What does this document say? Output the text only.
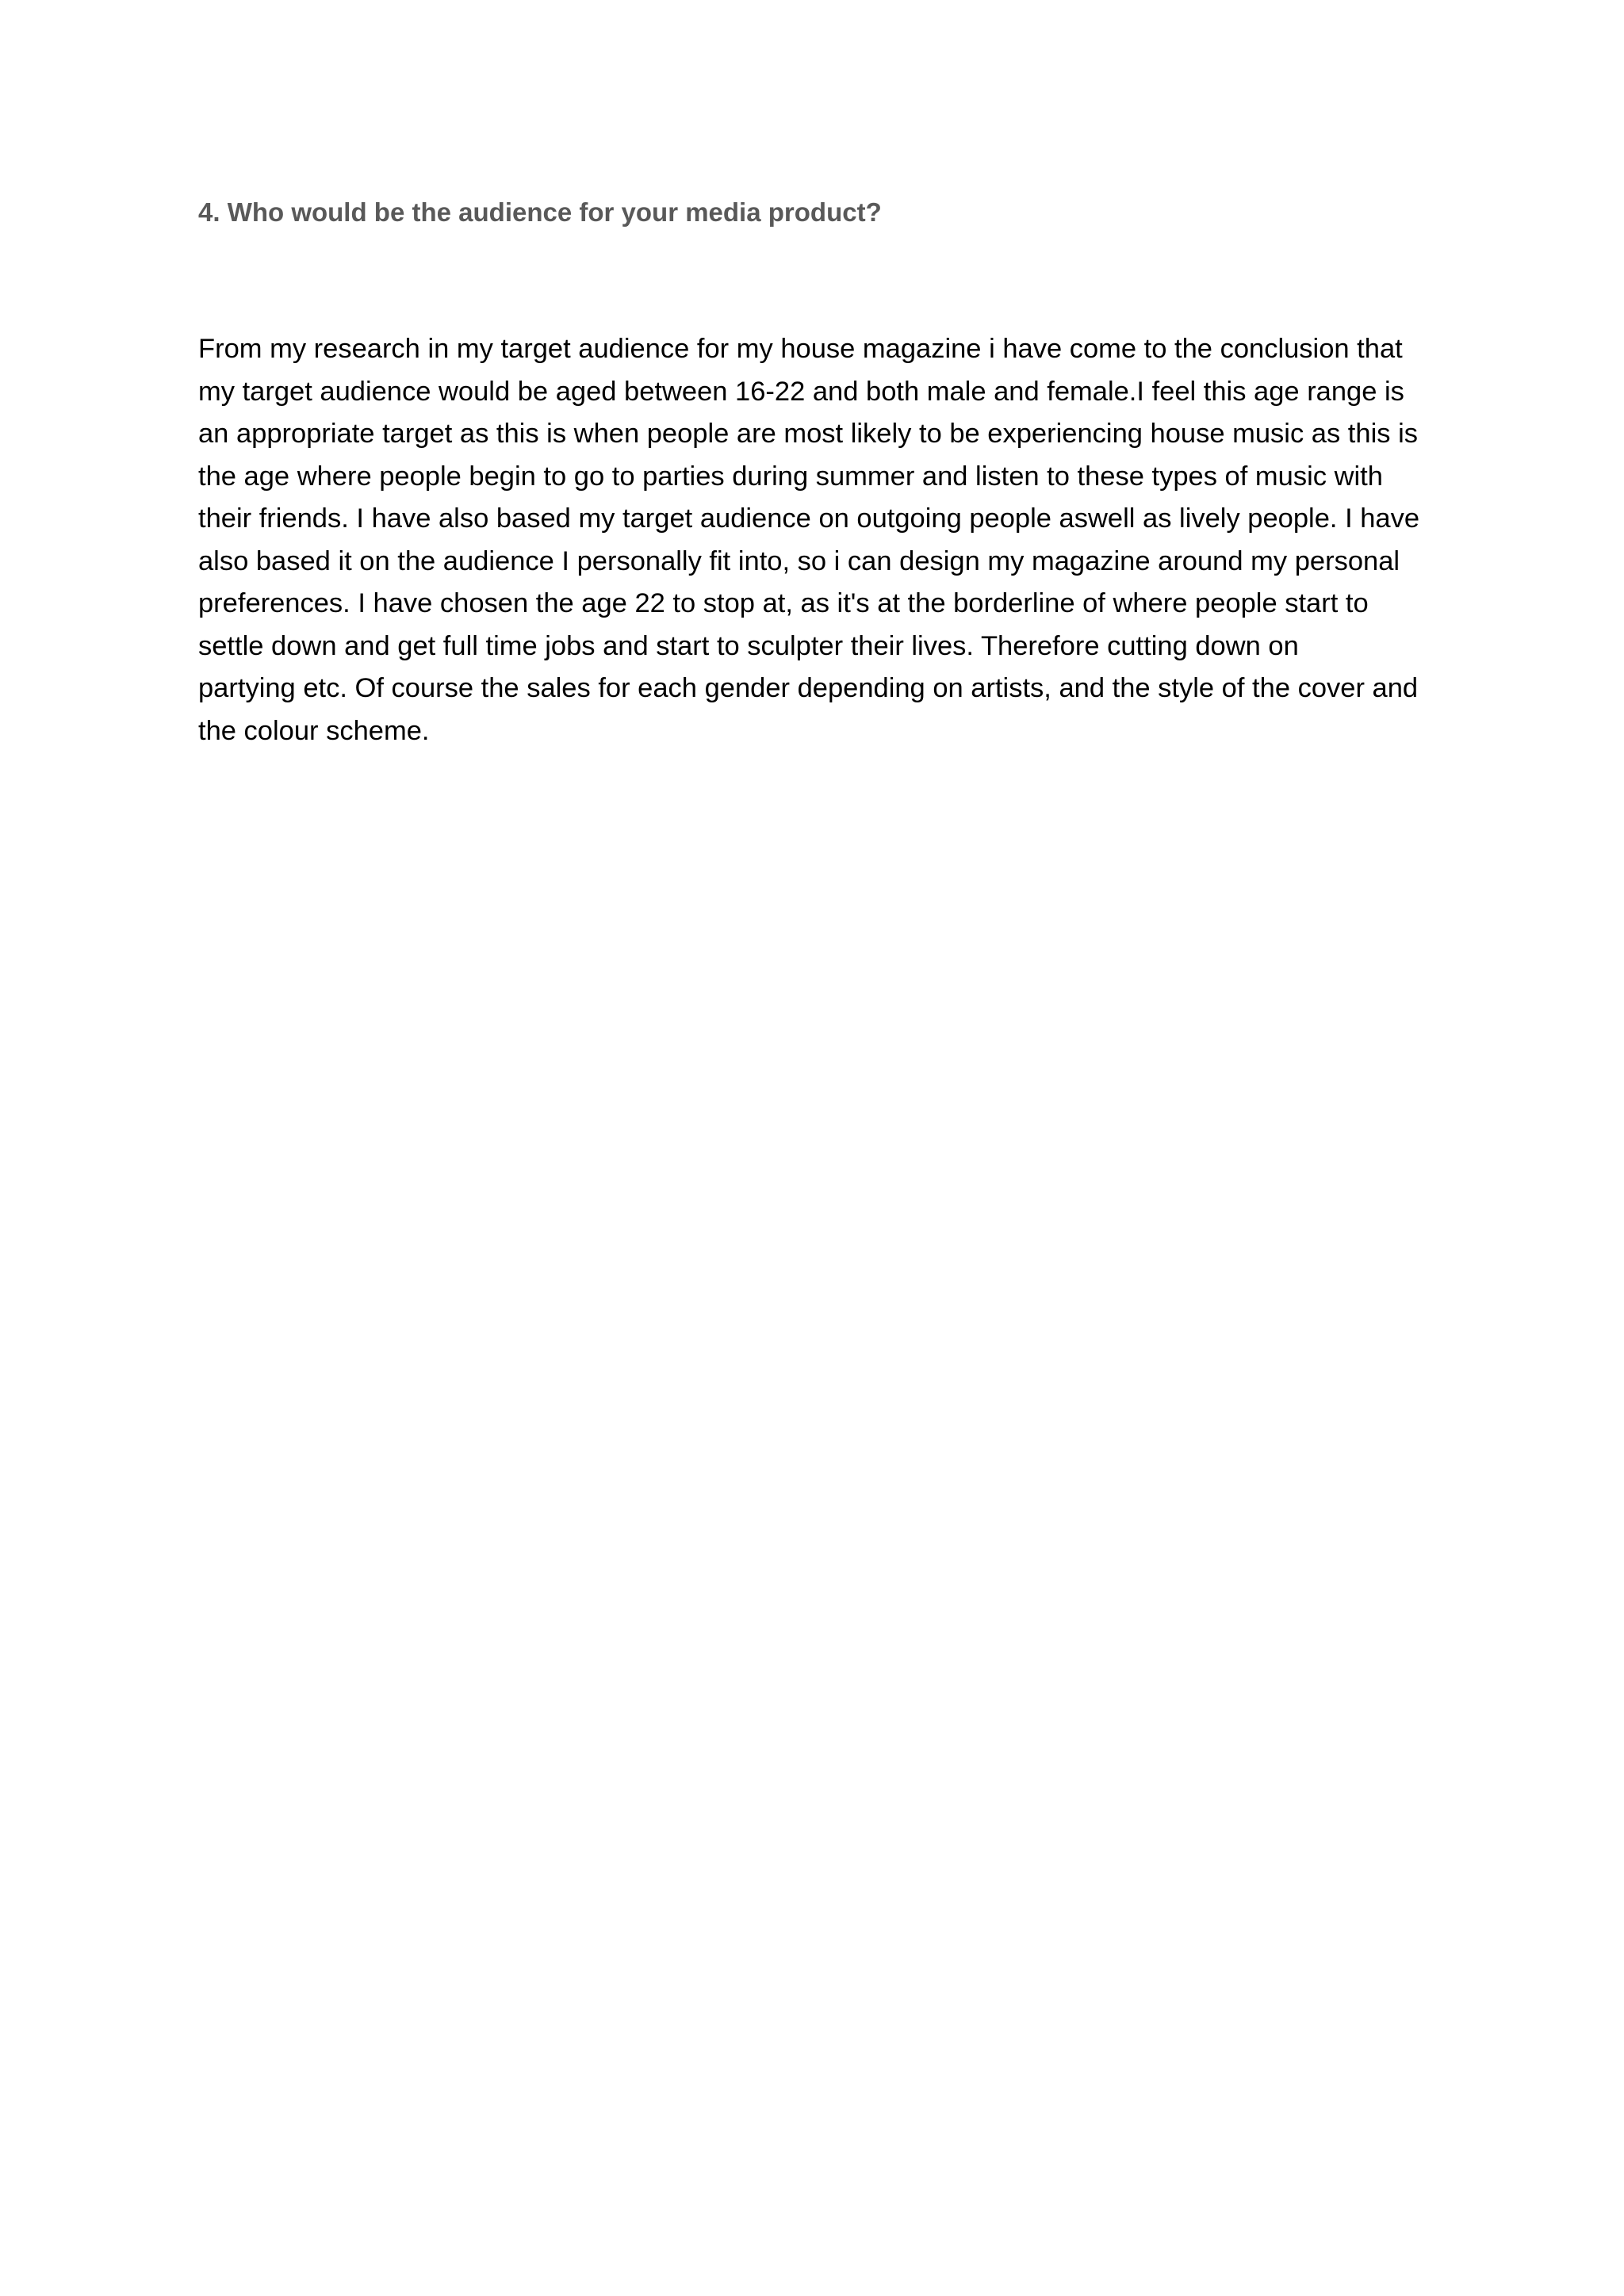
4. Who would be the audience for your media product?
From my research in my target audience for my house magazine i have come to the conclusion that
my target audience would be aged between 16-22 and both male and female.I feel this age range is
an appropriate target as this is when people are most likely to be experiencing house music as this is
the age where people begin to go to parties during summer and listen to these types of music with
their friends. I have also based my target audience on outgoing people aswell as lively people. I have
also based it on the audience I personally fit into, so i can design my magazine around my personal
preferences. I have chosen the age 22 to stop at, as it's at the borderline of where people start to
settle down and get full time jobs and start to sculpter their lives. Therefore cutting down on
partying etc. Of course the sales for each gender depending on artists, and the style of the cover and
the colour scheme.
